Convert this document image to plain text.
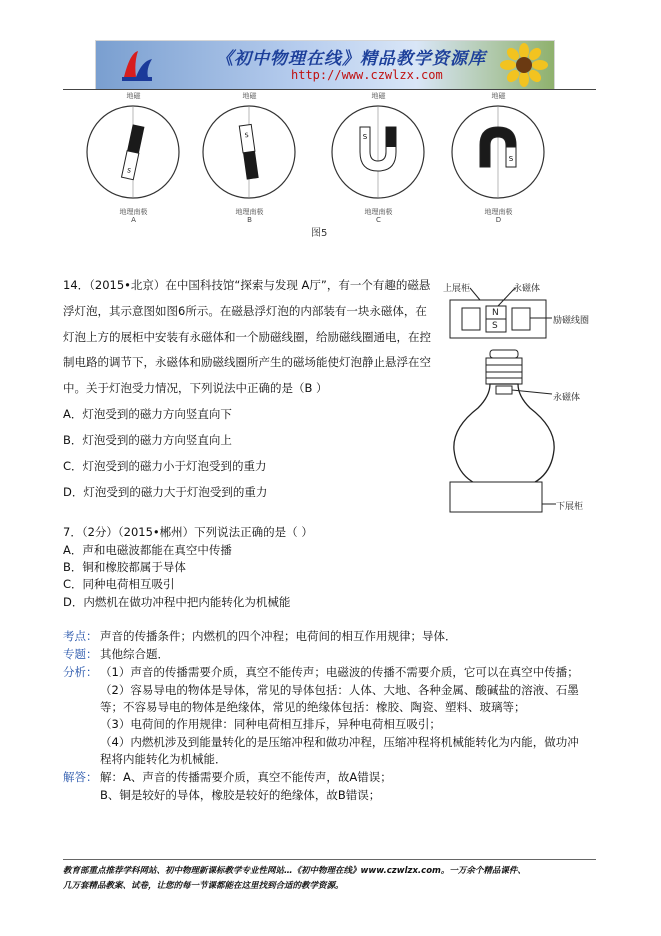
《初中物理在线》精品教学资源库
http://www.czwlzx.com
S
S	S
S
地磁	地磁	地磁	地磁
地理南极	地理南极	地理南极	地理南极
A	B	C	D
图5
14．（2015•北京）在中国科技馆“探索与发现 A厅”，有一个有趣的磁悬
浮灯泡，其示意图如图6所示。在磁悬浮灯泡的内部装有一块永磁体，在
灯泡上方的展柜中安装有永磁体和一个励磁线圈，给励磁线圈通电，在控
制电路的调节下，永磁体和励磁线圈所产生的磁场能使灯泡静止悬浮在空
中。关于灯泡受力情况，下列说法中正确的是（B ）
A．灯泡受到的磁力方向竖直向下
B．灯泡受到的磁力方向竖直向上
C．灯泡受到的磁力小于灯泡受到的重力
D．灯泡受到的磁力大于灯泡受到的重力
上展柜	永磁体
励磁线圈
N
S
永磁体
下展柜
7．（2分）（2015•郴州）下列说法正确的是（ ）
A．声和电磁波都能在真空中传播
B．铜和橡胶都属于导体
C．同种电荷相互吸引
D．内燃机在做功冲程中把内能转化为机械能
考点： 声音的传播条件；内燃机的四个冲程；电荷间的相互作用规律；导体．
专题： 其他综合题．
分析： （1）声音的传播需要介质，真空不能传声；电磁波的传播不需要介质，它可以在真空中传播；
（2）容易导电的物体是导体，常见的导体包括：人体、大地、各种金属、酸碱盐的溶液、石墨
等；不容易导电的物体是绝缘体，常见的绝缘体包括：橡胶、陶瓷、塑料、玻璃等；
（3）电荷间的作用规律：同种电荷相互排斥，异种电荷相互吸引；
（4）内燃机涉及到能量转化的是压缩冲程和做功冲程，压缩冲程将机械能转化为内能，做功冲
程将内能转化为机械能．
解答： 解：A、声音的传播需要介质，真空不能传声，故A错误；
B、铜是较好的导体，橡胶是较好的绝缘体，故B错误；
教育部重点推荐学科网站、初中物理新课标教学专业性网站…《初中物理在线》www.czwlzx.com。一万余个精品课件、
几万套精品教案、试卷，让您的每一节课都能在这里找到合适的教学资源。
